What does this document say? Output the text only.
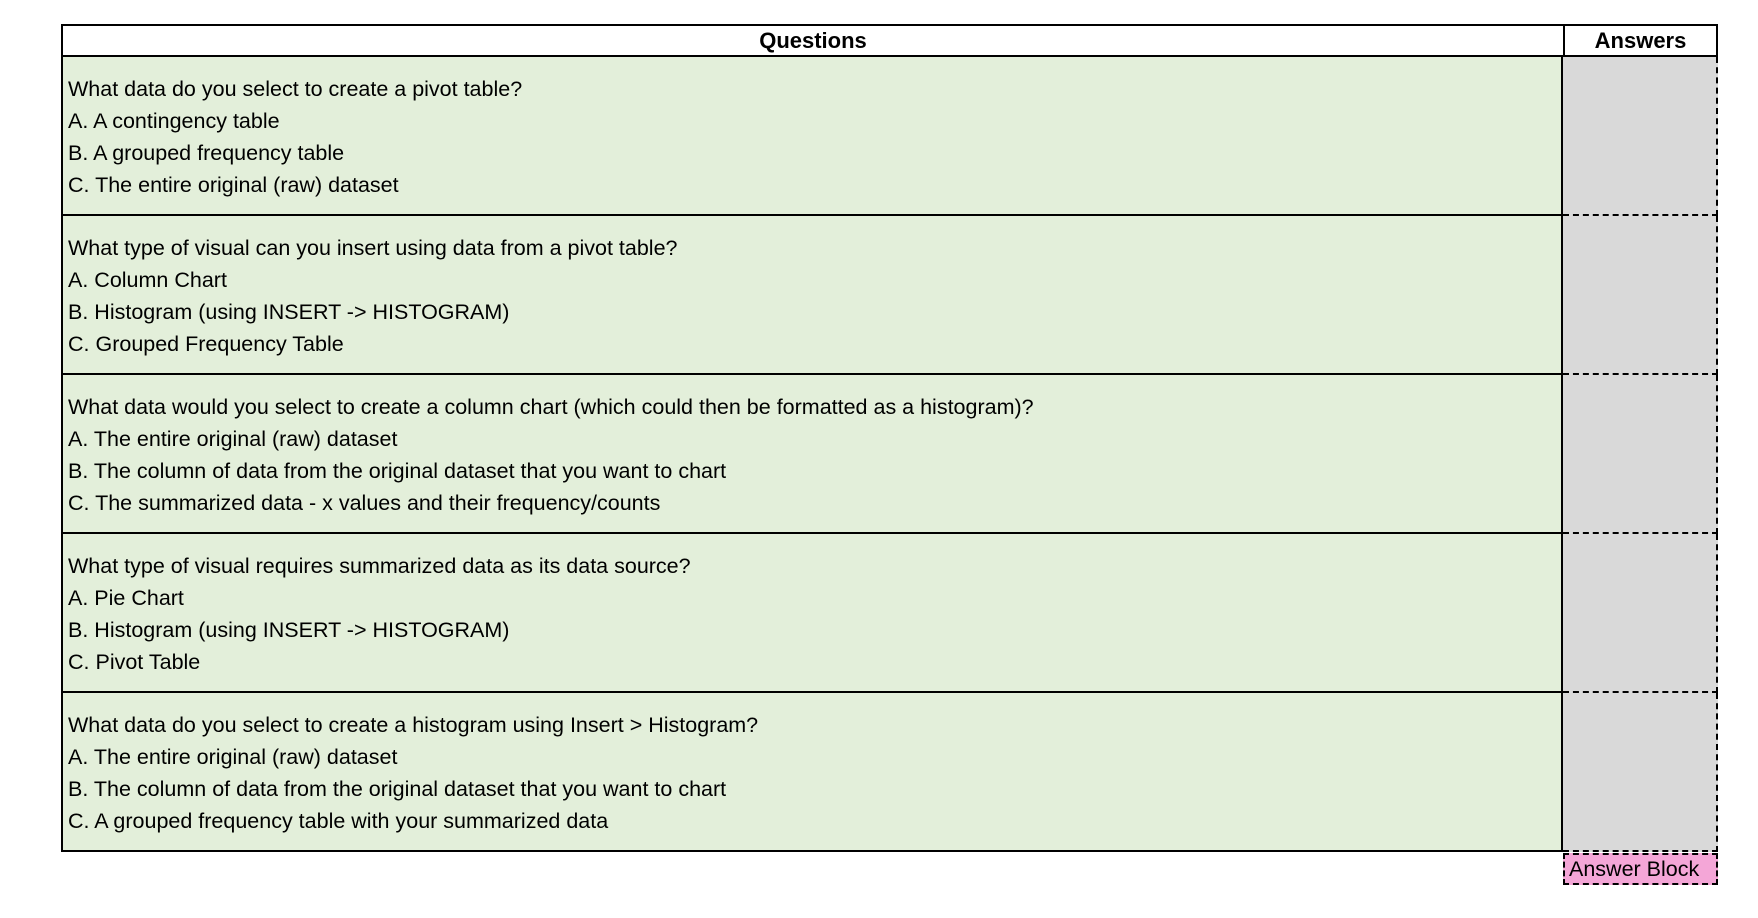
Questions	Answers
What data do you select to create a pivot table?
A. A contingency table
B. A grouped frequency table
C. The entire original (raw) dataset
What type of visual can you insert using data from a pivot table?
A. Column Chart
B. Histogram (using INSERT -> HISTOGRAM)
C. Grouped Frequency Table
What data would you select to create a column chart (which could then be formatted as a histogram)?
A. The entire original (raw) dataset
B. The column of data from the original dataset that you want to chart
C. The summarized data - x values and their frequency/counts
What type of visual requires summarized data as its data source?
A. Pie Chart
B. Histogram (using INSERT -> HISTOGRAM)
C. Pivot Table
What data do you select to create a histogram using Insert > Histogram?
A. The entire original (raw) dataset
B. The column of data from the original dataset that you want to chart
C. A grouped frequency table with your summarized data
Answer Block
